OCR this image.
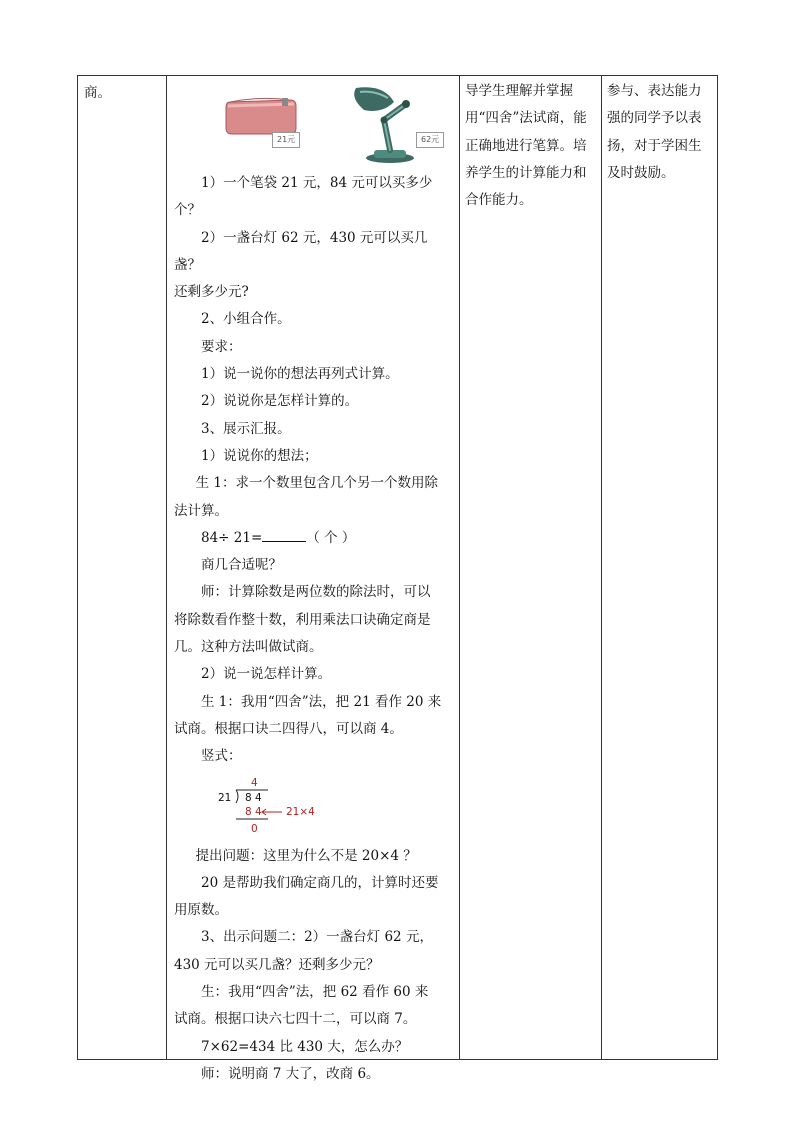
商。

21元	62元

1）一个笔袋 21 元，84 元可以买多少

个？

2）一盏台灯 62 元，430 元可以买几盏？

还剩多少元?

2、小组合作。

要求：

1）说一说你的想法再列式计算。

2）说说你是怎样计算的。

3、展示汇报。

1）说说你的想法；

生 1：求一个数里包含几个另一个数用除

法计算。

84÷ 21=	（ 个 ）

商几合适呢？

师：计算除数是两位数的除法时，可以

将除数看作整十数，利用乘法口诀确定商是

几。这种方法叫做试商。

2）说一说怎样计算。

生 1：我用“四舍”法，把 21 看作 20 来

试商。根据口诀二四得八，可以商 4。

竖式：

4
21 8 4
8 4 21×4
0

提出问题：这里为什么不是 20×4 ？

20 是帮助我们确定商几的，计算时还要

用原数。

3、出示问题二：2）一盏台灯 62 元，

430 元可以买几盏？还剩多少元？

生：我用“四舍”法，把 62 看作 60 来

试商。根据口诀六七四十二，可以商 7。

7×62=434 比 430 大，怎么办？

师：说明商 7 大了，改商 6。

导学生理解并掌握用“四舍”法试商，能正确地进行笔算。培养学生的计算能力和合作能力。

参与、表达能力强的同学予以表扬，对于学困生及时鼓励。
